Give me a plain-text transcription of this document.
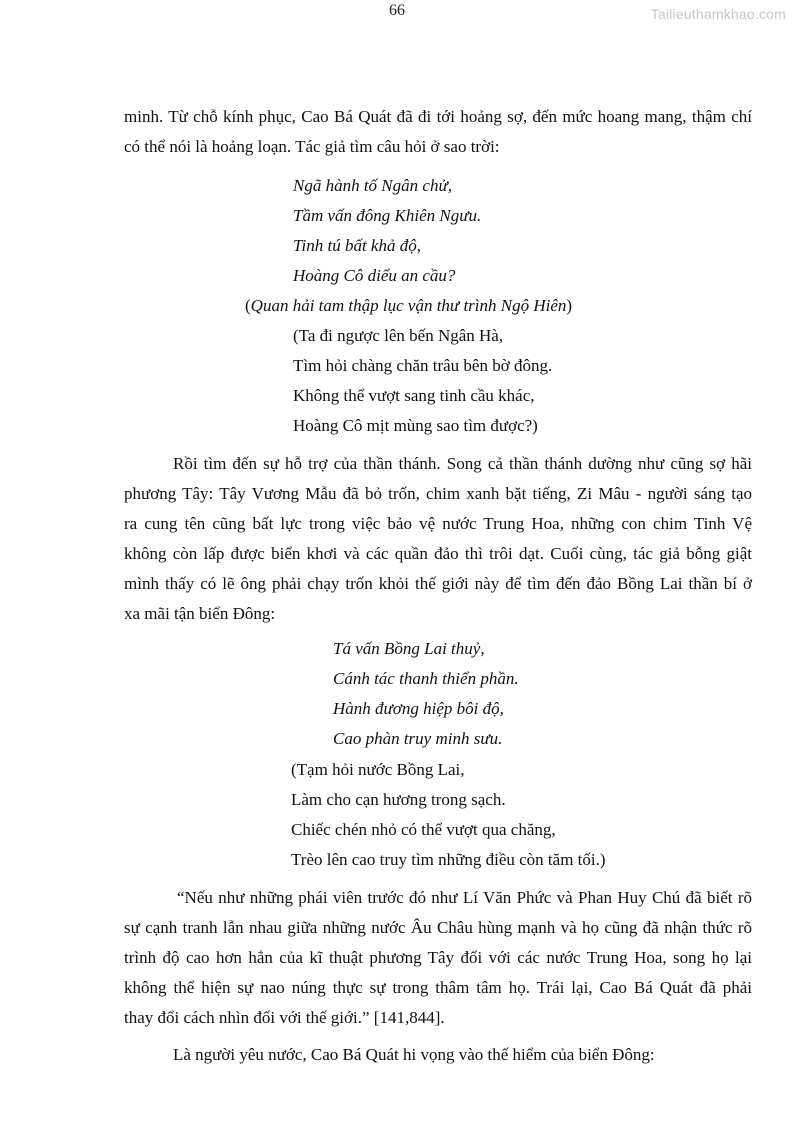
66	Tailieuthamkhao.com
minh. Từ chỗ kính phục, Cao Bá Quát đã đi tới hoảng sợ, đến mức hoang mang, thậm chí
có thể nói là hoảng loạn. Tác giả tìm câu hỏi ở sao trời:
Ngã hành tố Ngân chử,
Tầm vấn đông Khiên Ngưu.
Tinh tú bất khả độ,
Hoàng Cô diểu an cầu?
(Quan hải tam thập lục vận thư trình Ngộ Hiên)
(Ta đi ngược lên bến Ngân Hà,
Tìm hỏi chàng chăn trâu bên bờ đông.
Không thể vượt sang tinh cầu khác,
Hoàng Cô mịt mùng sao tìm được?)
Rồi tìm đến sự hỗ trợ của thần thánh. Song cả thần thánh dường như cũng sợ hãi
phương Tây: Tây Vương Mẫu đã bỏ trốn, chim xanh bặt tiếng, Zi Mâu - người sáng tạo
ra cung tên cũng bất lực trong việc bảo vệ nước Trung Hoa, những con chim Tinh Vệ
không còn lấp được biển khơi và các quần đảo thì trôi dạt. Cuối cùng, tác giả bỗng giật
mình thấy có lẽ ông phải chạy trốn khỏi thế giới này để tìm đến đảo Bồng Lai thần bí ở
xa mãi tận biển Đông:
Tá vấn Bồng Lai thuỷ,
Cánh tác thanh thiển phần.
Hành đương hiệp bôi độ,
Cao phàn truy minh sưu.
(Tạm hỏi nước Bồng Lai,
Làm cho cạn hương trong sạch.
Chiếc chén nhỏ có thể vượt qua chăng,
Trèo lên cao truy tìm những điều còn tăm tối.)
“Nếu như những phái viên trước đó như Lí Văn Phức và Phan Huy Chú đã biết rõ
sự cạnh tranh lẫn nhau giữa những nước Âu Châu hùng mạnh và họ cũng đã nhận thức rõ
trình độ cao hơn hẳn của kĩ thuật phương Tây đối với các nước Trung Hoa, song họ lại
không thể hiện sự nao núng thực sự trong thâm tâm họ. Trái lại, Cao Bá Quát đã phải
thay đổi cách nhìn đối với thế giới.” [141,844].
Là người yêu nước, Cao Bá Quát hi vọng vào thế hiểm của biển Đông:
